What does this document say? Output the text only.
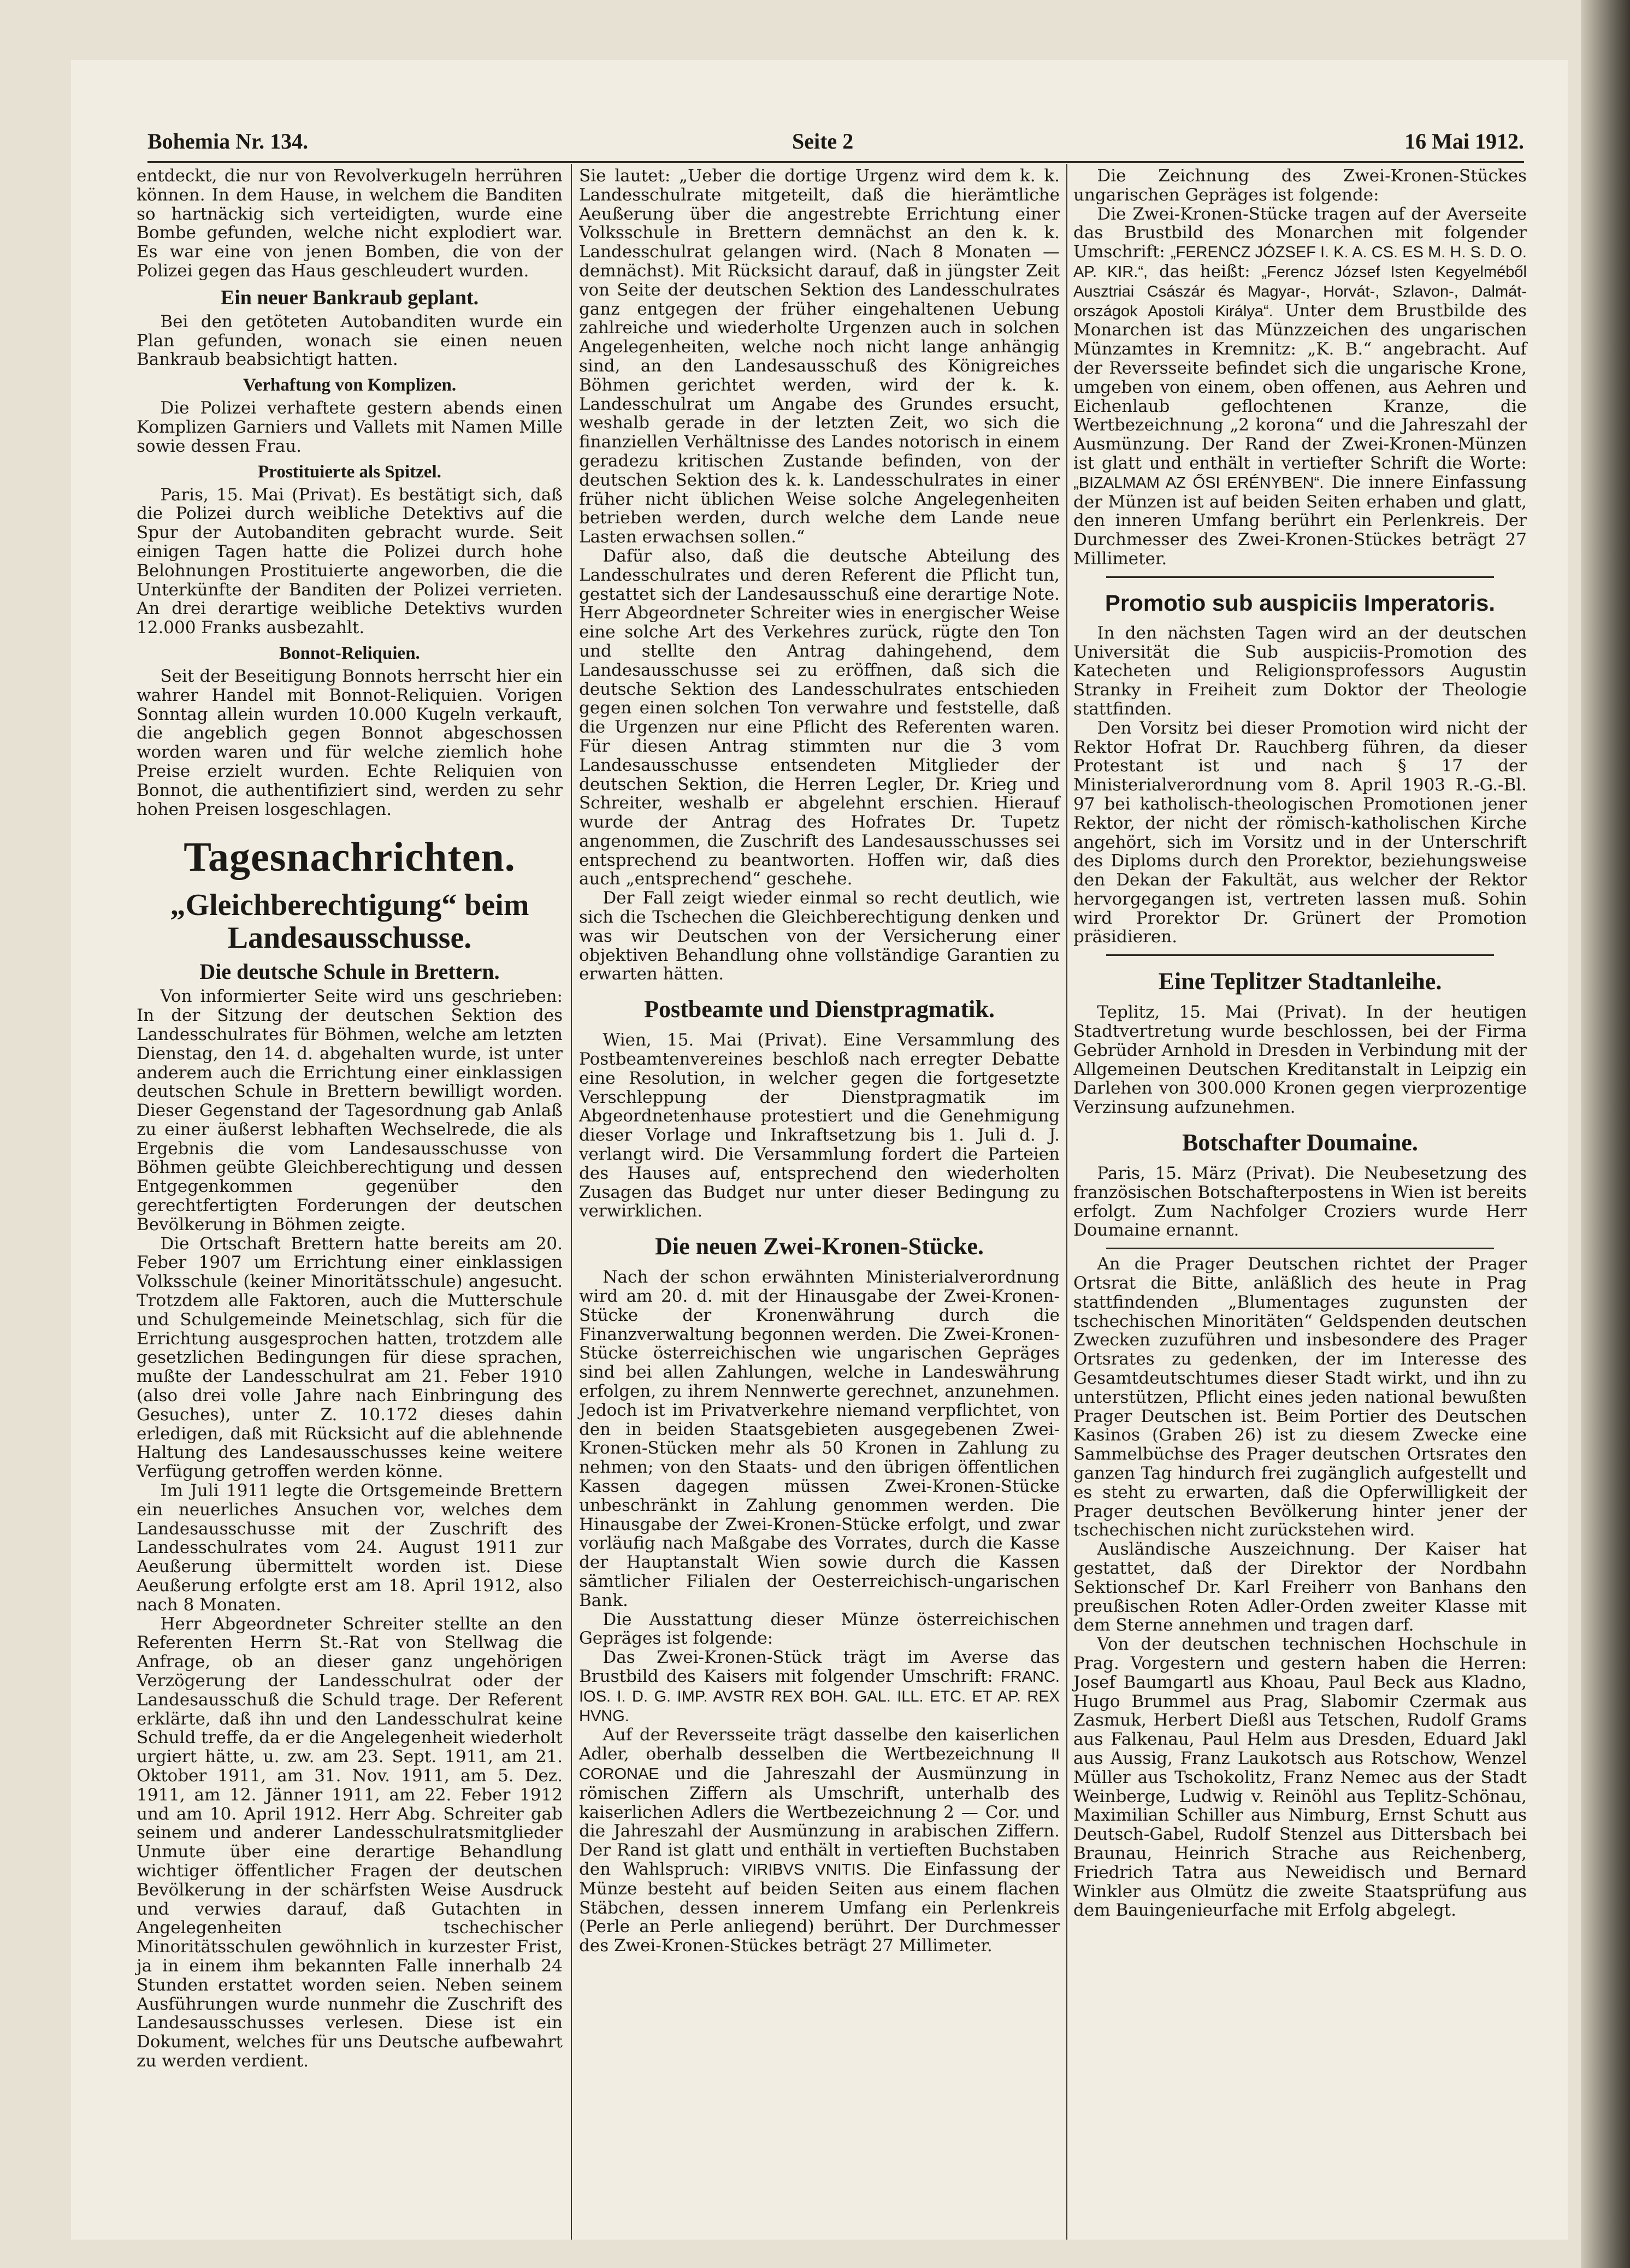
Bohemia Nr. 134.	Seite 2	16 Mai 1912.

entdeckt, die nur von Revolverkugeln herrühren können. In dem Hause, in welchem die Banditen so hartnäckig sich verteidigten, wurde eine Bombe gefunden, welche nicht explodiert war. Es war eine von jenen Bomben, die von der Polizei gegen das Haus geschleudert wurden.

Ein neuer Bankraub geplant.

Bei den getöteten Autobanditen wurde ein Plan gefunden, wonach sie einen neuen Bankraub beabsichtigt hatten.

Verhaftung von Komplizen.

Die Polizei verhaftete gestern abends einen Komplizen Garniers und Vallets mit Namen Mille sowie dessen Frau.

Prostituierte als Spitzel.

Paris, 15. Mai (Privat). Es bestätigt sich, daß die Polizei durch weibliche Detektivs auf die Spur der Autobanditen gebracht wurde. Seit einigen Tagen hatte die Polizei durch hohe Belohnungen Prostituierte angeworben, die die Unterkünfte der Banditen der Polizei verrieten. An drei derartige weibliche Detektivs wurden 12.000 Franks ausbezahlt.

Bonnot-Reliquien.

Seit der Beseitigung Bonnots herrscht hier ein wahrer Handel mit Bonnot-Reliquien. Vorigen Sonntag allein wurden 10.000 Kugeln verkauft, die angeblich gegen Bonnot abgeschossen worden waren und für welche ziemlich hohe Preise erzielt wurden. Echte Reliquien von Bonnot, die authentifiziert sind, werden zu sehr hohen Preisen losgeschlagen.

Tagesnachrichten.
„Gleichberechtigung“ beim Landesausschusse.
Die deutsche Schule in Brettern.

Von informierter Seite wird uns geschrieben: In der Sitzung der deutschen Sektion des Landesschulrates für Böhmen, welche am letzten Dienstag, den 14. d. abgehalten wurde, ist unter anderem auch die Errichtung einer einklassigen deutschen Schule in Brettern bewilligt worden. Dieser Gegenstand der Tagesordnung gab Anlaß zu einer äußerst lebhaften Wechselrede, die als Ergebnis die vom Landesausschusse von Böhmen geübte Gleichberechtigung und dessen Entgegenkommen gegenüber den gerechtfertigten Forderungen der deutschen Bevölkerung in Böhmen zeigte.

Die Ortschaft Brettern hatte bereits am 20. Feber 1907 um Errichtung einer einklassigen Volksschule (keiner Minoritätsschule) angesucht. Trotzdem alle Faktoren, auch die Mutterschule und Schulgemeinde Meinetschlag, sich für die Errichtung ausgesprochen hatten, trotzdem alle gesetzlichen Bedingungen für diese sprachen, mußte der Landesschulrat am 21. Feber 1910 (also drei volle Jahre nach Einbringung des Gesuches), unter Z. 10.172 dieses dahin erledigen, daß mit Rücksicht auf die ablehnende Haltung des Landesausschusses keine weitere Verfügung getroffen werden könne.

Im Juli 1911 legte die Ortsgemeinde Brettern ein neuerliches Ansuchen vor, welches dem Landesausschusse mit der Zuschrift des Landesschulrates vom 24. August 1911 zur Aeußerung übermittelt worden ist. Diese Aeußerung erfolgte erst am 18. April 1912, also nach 8 Monaten.

Herr Abgeordneter Schreiter stellte an den Referenten Herrn St.-Rat von Stellwag die Anfrage, ob an dieser ganz ungehörigen Verzögerung der Landesschulrat oder der Landesausschuß die Schuld trage. Der Referent erklärte, daß ihn und den Landesschulrat keine Schuld treffe, da er die Angelegenheit wiederholt urgiert hätte, u. zw. am 23. Sept. 1911, am 21. Oktober 1911, am 31. Nov. 1911, am 5. Dez. 1911, am 12. Jänner 1911, am 22. Feber 1912 und am 10. April 1912. Herr Abg. Schreiter gab seinem und anderer Landesschulratsmitglieder Unmute über eine derartige Behandlung wichtiger öffentlicher Fragen der deutschen Bevölkerung in der schärfsten Weise Ausdruck und verwies darauf, daß Gutachten in Angelegenheiten tschechischer Minoritätsschulen gewöhnlich in kurzester Frist, ja in einem ihm bekannten Falle innerhalb 24 Stunden erstattet worden seien. Neben seinem Ausführungen wurde nunmehr die Zuschrift des Landesausschusses verlesen. Diese ist ein Dokument, welches für uns Deutsche aufbewahrt zu werden verdient.

Sie lautet: „Ueber die dortige Urgenz wird dem k. k. Landesschulrate mitgeteilt, daß die hierämtliche Aeußerung über die angestrebte Errichtung einer Volksschule in Brettern demnächst an den k. k. Landesschulrat gelangen wird. (Nach 8 Monaten — demnächst). Mit Rücksicht darauf, daß in jüngster Zeit von Seite der deutschen Sektion des Landesschulrates ganz entgegen der früher eingehaltenen Uebung zahlreiche und wiederholte Urgenzen auch in solchen Angelegenheiten, welche noch nicht lange anhängig sind, an den Landesausschuß des Königreiches Böhmen gerichtet werden, wird der k. k. Landesschulrat um Angabe des Grundes ersucht, weshalb gerade in der letzten Zeit, wo sich die finanziellen Verhältnisse des Landes notorisch in einem geradezu kritischen Zustande befinden, von der deutschen Sektion des k. k. Landesschulrates in einer früher nicht üblichen Weise solche Angelegenheiten betrieben werden, durch welche dem Lande neue Lasten erwachsen sollen.“

Dafür also, daß die deutsche Abteilung des Landesschulrates und deren Referent die Pflicht tun, gestattet sich der Landesausschuß eine derartige Note. Herr Abgeordneter Schreiter wies in energischer Weise eine solche Art des Verkehres zurück, rügte den Ton und stellte den Antrag dahingehend, dem Landesausschusse sei zu eröffnen, daß sich die deutsche Sektion des Landesschulrates entschieden gegen einen solchen Ton verwahre und feststelle, daß die Urgenzen nur eine Pflicht des Referenten waren. Für diesen Antrag stimmten nur die 3 vom Landesausschusse entsendeten Mitglieder der deutschen Sektion, die Herren Legler, Dr. Krieg und Schreiter, weshalb er abgelehnt erschien. Hierauf wurde der Antrag des Hofrates Dr. Tupetz angenommen, die Zuschrift des Landesausschusses sei entsprechend zu beantworten. Hoffen wir, daß dies auch „entsprechend“ geschehe.

Der Fall zeigt wieder einmal so recht deutlich, wie sich die Tschechen die Gleichberechtigung denken und was wir Deutschen von der Versicherung einer objektiven Behandlung ohne vollständige Garantien zu erwarten hätten.

Postbeamte und Dienstpragmatik.

Wien, 15. Mai (Privat). Eine Versammlung des Postbeamtenvereines beschloß nach erregter Debatte eine Resolution, in welcher gegen die fortgesetzte Verschleppung der Dienstpragmatik im Abgeordnetenhause protestiert und die Genehmigung dieser Vorlage und Inkraftsetzung bis 1. Juli d. J. verlangt wird. Die Versammlung fordert die Parteien des Hauses auf, entsprechend den wiederholten Zusagen das Budget nur unter dieser Bedingung zu verwirklichen.

Die neuen Zwei-Kronen-Stücke.

Nach der schon erwähnten Ministerialverordnung wird am 20. d. mit der Hinausgabe der Zwei-Kronen-Stücke der Kronenwährung durch die Finanzverwaltung begonnen werden. Die Zwei-Kronen-Stücke österreichischen wie ungarischen Gepräges sind bei allen Zahlungen, welche in Landeswährung erfolgen, zu ihrem Nennwerte gerechnet, anzunehmen. Jedoch ist im Privatverkehre niemand verpflichtet, von den in beiden Staatsgebieten ausgegebenen Zwei-Kronen-Stücken mehr als 50 Kronen in Zahlung zu nehmen; von den Staats- und den übrigen öffentlichen Kassen dagegen müssen Zwei-Kronen-Stücke unbeschränkt in Zahlung genommen werden. Die Hinausgabe der Zwei-Kronen-Stücke erfolgt, und zwar vorläufig nach Maßgabe des Vorrates, durch die Kasse der Hauptanstalt Wien sowie durch die Kassen sämtlicher Filialen der Oesterreichisch-ungarischen Bank.

Die Ausstattung dieser Münze österreichischen Gepräges ist folgende:

Das Zwei-Kronen-Stück trägt im Averse das Brustbild des Kaisers mit folgender Umschrift: FRANC. IOS. I. D. G. IMP. AVSTR REX BOH. GAL. ILL. ETC. ET AP. REX HVNG.

Auf der Reversseite trägt dasselbe den kaiserlichen Adler, oberhalb desselben die Wertbezeichnung II CORONAE und die Jahreszahl der Ausmünzung in römischen Ziffern als Umschrift, unterhalb des kaiserlichen Adlers die Wertbezeichnung 2 — Cor. und die Jahreszahl der Ausmünzung in arabischen Ziffern. Der Rand ist glatt und enthält in vertieften Buchstaben den Wahlspruch: VIRIBVS VNITIS. Die Einfassung der Münze besteht auf beiden Seiten aus einem flachen Stäbchen, dessen innerem Umfang ein Perlenkreis (Perle an Perle anliegend) berührt. Der Durchmesser des Zwei-Kronen-Stückes beträgt 27 Millimeter.

Die Zeichnung des Zwei-Kronen-Stückes ungarischen Gepräges ist folgende:

Die Zwei-Kronen-Stücke tragen auf der Averseite das Brustbild des Monarchen mit folgender Umschrift: „FERENCZ JÓZSEF I. K. A. CS. ES M. H. S. D. O. AP. KIR.“, das heißt: „Ferencz József Isten Kegyelméből Ausztriai Császár és Magyar-, Horvát-, Szlavon-, Dalmát-országok Apostoli Királya“. Unter dem Brustbilde des Monarchen ist das Münzzeichen des ungarischen Münzamtes in Kremnitz: „K. B.“ angebracht. Auf der Reversseite befindet sich die ungarische Krone, umgeben von einem, oben offenen, aus Aehren und Eichenlaub geflochtenen Kranze, die Wertbezeichnung „2 korona“ und die Jahreszahl der Ausmünzung. Der Rand der Zwei-Kronen-Münzen ist glatt und enthält in vertiefter Schrift die Worte: „BIZALMAM AZ ŐSI ERÉNYBEN“. Die innere Einfassung der Münzen ist auf beiden Seiten erhaben und glatt, den inneren Umfang berührt ein Perlenkreis. Der Durchmesser des Zwei-Kronen-Stückes beträgt 27 Millimeter.

Promotio sub auspiciis Imperatoris.

In den nächsten Tagen wird an der deutschen Universität die Sub auspiciis-Promotion des Katecheten und Religionsprofessors Augustin Stranky in Freiheit zum Doktor der Theologie stattfinden.

Den Vorsitz bei dieser Promotion wird nicht der Rektor Hofrat Dr. Rauchberg führen, da dieser Protestant ist und nach § 17 der Ministerialverordnung vom 8. April 1903 R.-G.-Bl. 97 bei katholisch-theologischen Promotionen jener Rektor, der nicht der römisch-katholischen Kirche angehört, sich im Vorsitz und in der Unterschrift des Diploms durch den Prorektor, beziehungsweise den Dekan der Fakultät, aus welcher der Rektor hervorgegangen ist, vertreten lassen muß. Sohin wird Prorektor Dr. Grünert der Promotion präsidieren.

Eine Teplitzer Stadtanleihe.

Teplitz, 15. Mai (Privat). In der heutigen Stadtvertretung wurde beschlossen, bei der Firma Gebrüder Arnhold in Dresden in Verbindung mit der Allgemeinen Deutschen Kreditanstalt in Leipzig ein Darlehen von 300.000 Kronen gegen vierprozentige Verzinsung aufzunehmen.

Botschafter Doumaine.

Paris, 15. März (Privat). Die Neubesetzung des französischen Botschafterpostens in Wien ist bereits erfolgt. Zum Nachfolger Croziers wurde Herr Doumaine ernannt.

An die Prager Deutschen richtet der Prager Ortsrat die Bitte, anläßlich des heute in Prag stattfindenden „Blumentages zugunsten der tschechischen Minoritäten“ Geldspenden deutschen Zwecken zuzuführen und insbesondere des Prager Ortsrates zu gedenken, der im Interesse des Gesamtdeutschtumes dieser Stadt wirkt, und ihn zu unterstützen, Pflicht eines jeden national bewußten Prager Deutschen ist. Beim Portier des Deutschen Kasinos (Graben 26) ist zu diesem Zwecke eine Sammelbüchse des Prager deutschen Ortsrates den ganzen Tag hindurch frei zugänglich aufgestellt und es steht zu erwarten, daß die Opferwilligkeit der Prager deutschen Bevölkerung hinter jener der tschechischen nicht zurückstehen wird.

Ausländische Auszeichnung. Der Kaiser hat gestattet, daß der Direktor der Nordbahn Sektionschef Dr. Karl Freiherr von Banhans den preußischen Roten Adler-Orden zweiter Klasse mit dem Sterne annehmen und tragen darf.

Von der deutschen technischen Hochschule in Prag. Vorgestern und gestern haben die Herren: Josef Baumgartl aus Khoau, Paul Beck aus Kladno, Hugo Brummel aus Prag, Slabomir Czermak aus Zasmuk, Herbert Dießl aus Tetschen, Rudolf Grams aus Falkenau, Paul Helm aus Dresden, Eduard Jakl aus Aussig, Franz Laukotsch aus Rotschow, Wenzel Müller aus Tschokolitz, Franz Nemec aus der Stadt Weinberge, Ludwig v. Reinöhl aus Teplitz-Schönau, Maximilian Schiller aus Nimburg, Ernst Schutt aus Deutsch-Gabel, Rudolf Stenzel aus Dittersbach bei Braunau, Heinrich Strache aus Reichenberg, Friedrich Tatra aus Neweidisch und Bernard Winkler aus Olmütz die zweite Staatsprüfung aus dem Bauingenieurfache mit Erfolg abgelegt.
